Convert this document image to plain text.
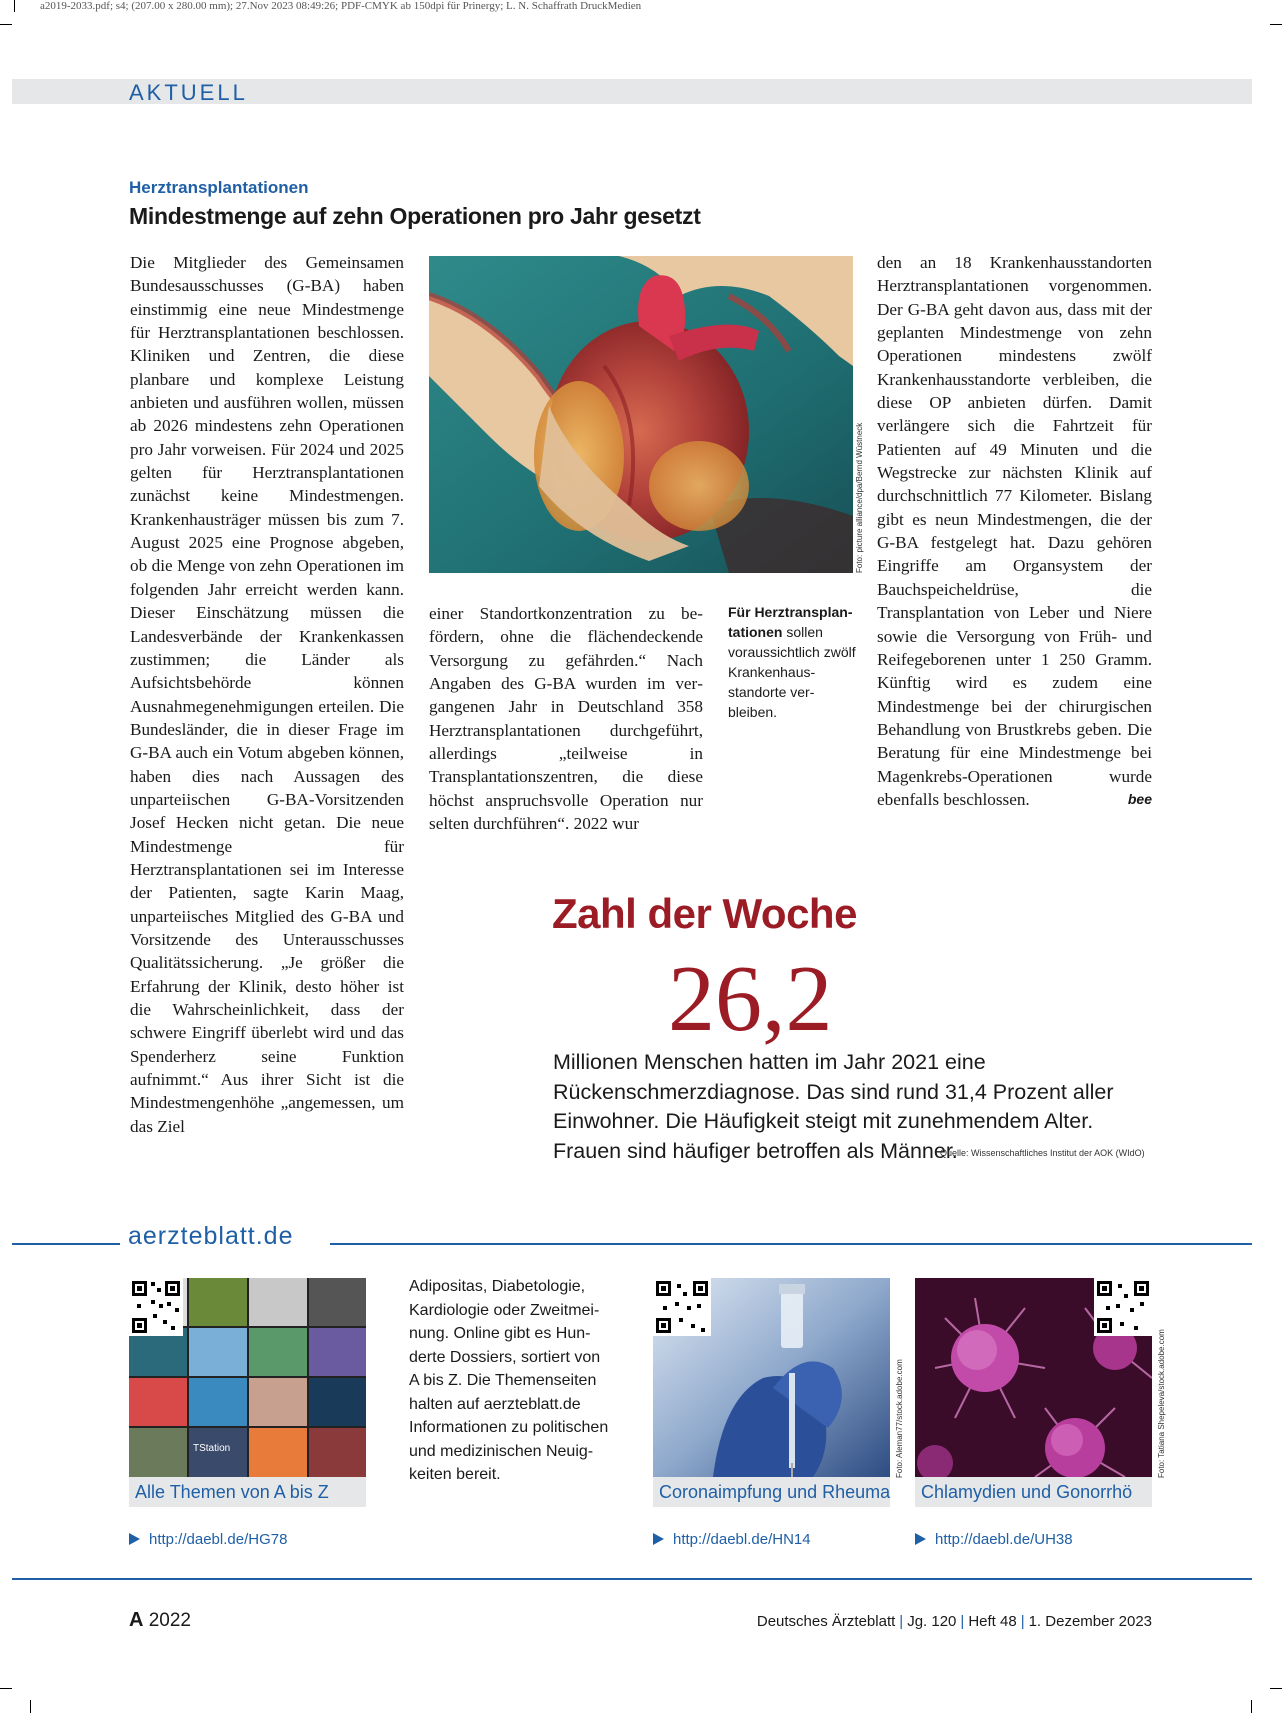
a2019-2033.pdf; s4; (207.00 x 280.00 mm); 27.Nov 2023 08:49:26; PDF-CMYK ab 150dpi für Prinergy; L. N. Schaffrath DruckMedien
AKTUELL
Herztransplantationen
Mindestmenge auf zehn Operationen pro Jahr gesetzt
Die Mitglieder des Gemeinsamen Bundesausschusses (G-BA) haben einstimmig eine neue Mindestmenge für Herztransplantationen beschlossen. Kliniken und Zentren, die diese planbare und komplexe Leistung anbieten und ausführen wollen, müssen ab 2026 mindestens zehn Operationen pro Jahr vorweisen. Für 2024 und 2025 gelten für Herztransplantationen zunächst keine Mindestmengen. Krankenhausträger müssen bis zum 7. August 2025 eine Prognose abgeben, ob die Menge von zehn Operationen im folgenden Jahr erreicht werden kann. Dieser Einschätzung müssen die Landesverbände der Krankenkassen zustimmen; die Länder als Aufsichtsbehörde können Ausnahmegenehmigungen erteilen. Die Bundesländer, die in dieser Frage im G-BA auch ein Votum abgeben können, haben dies nach Aussagen des unparteiischen G-BA-Vorsitzenden Josef Hecken nicht getan. Die neue Mindestmenge für Herztransplantationen sei im Interesse der Patienten, sagte Karin Maag, unparteiisches Mitglied des G-BA und Vorsitzende des Unterausschusses Qualitätssicherung. „Je größer die Erfahrung der Klinik, desto höher ist die Wahrscheinlichkeit, dass der schwere Eingriff überlebt wird und das Spenderherz seine Funktion aufnimmt.“ Aus ihrer Sicht ist die Mindestmengenhöhe „angemessen, um das Ziel
Foto: picture alliance/dpa/Bernd Wüstneck
einer Standortkonzentration zu befördern, ohne die flächendeckende Versorgung zu gefährden.“ Nach Angaben des G-BA wurden im vergangenen Jahr in Deutschland 358 Herztransplantationen durchgeführt, allerdings „teilweise in Transplantationszentren, die diese höchst anspruchsvolle Operation nur selten durchführen“. 2022 wur
Für Herztransplantationen sollen voraussichtlich zwölf Krankenhausstandorte verbleiben.
den an 18 Krankenhausstandorten Herztransplantationen vorgenommen. Der G-BA geht davon aus, dass mit der geplanten Mindestmenge von zehn Operationen mindestens zwölf Krankenhausstandorte verbleiben, die diese OP anbieten dürfen. Damit verlängere sich die Fahrtzeit für Patienten auf 49 Minuten und die Wegstrecke zur nächsten Klinik auf durchschnittlich 77 Kilometer. Bislang gibt es neun Mindestmengen, die der G-BA festgelegt hat. Dazu gehören Eingriffe am Organsystem der Bauchspeicheldrüse, die Transplantation von Leber und Niere sowie die Versorgung von Früh- und Reifegeborenen unter 1 250 Gramm. Künftig wird es zudem eine Mindestmenge bei der chirurgischen Behandlung von Brustkrebs geben. Die Beratung für eine Mindestmenge bei Magenkrebs-Operationen wurde ebenfalls beschlossen.	bee
Zahl der Woche
26,2
Millionen Menschen hatten im Jahr 2021 eine Rückenschmerzdiagnose. Das sind rund 31,4 Prozent aller Einwohner. Die Häufigkeit steigt mit zunehmendem Alter. Frauen sind häufiger betroffen als Männer.
Quelle: Wissenschaftliches Institut der AOK (WIdO)
aerzteblatt.de
TStation
Alle Themen von A bis Z
http://daebl.de/HG78
Adipositas, Diabetologie, Kardiologie oder Zweitmeinung. Online gibt es Hunderte Dossiers, sortiert von A bis Z. Die Themenseiten halten auf aerzteblatt.de Informationen zu politischen und medizinischen Neuigkeiten bereit.	Foto: Aleman77/stock.adobe.com
Coronaimpfung und Rheuma
http://daebl.de/HN14
Foto: Tatiana Shepeleva/stock.adobe.com
Chlamydien und Gonorrhö
http://daebl.de/UH38
A 2022	Deutsches Ärzteblatt | Jg. 120 | Heft 48 | 1. Dezember 2023
